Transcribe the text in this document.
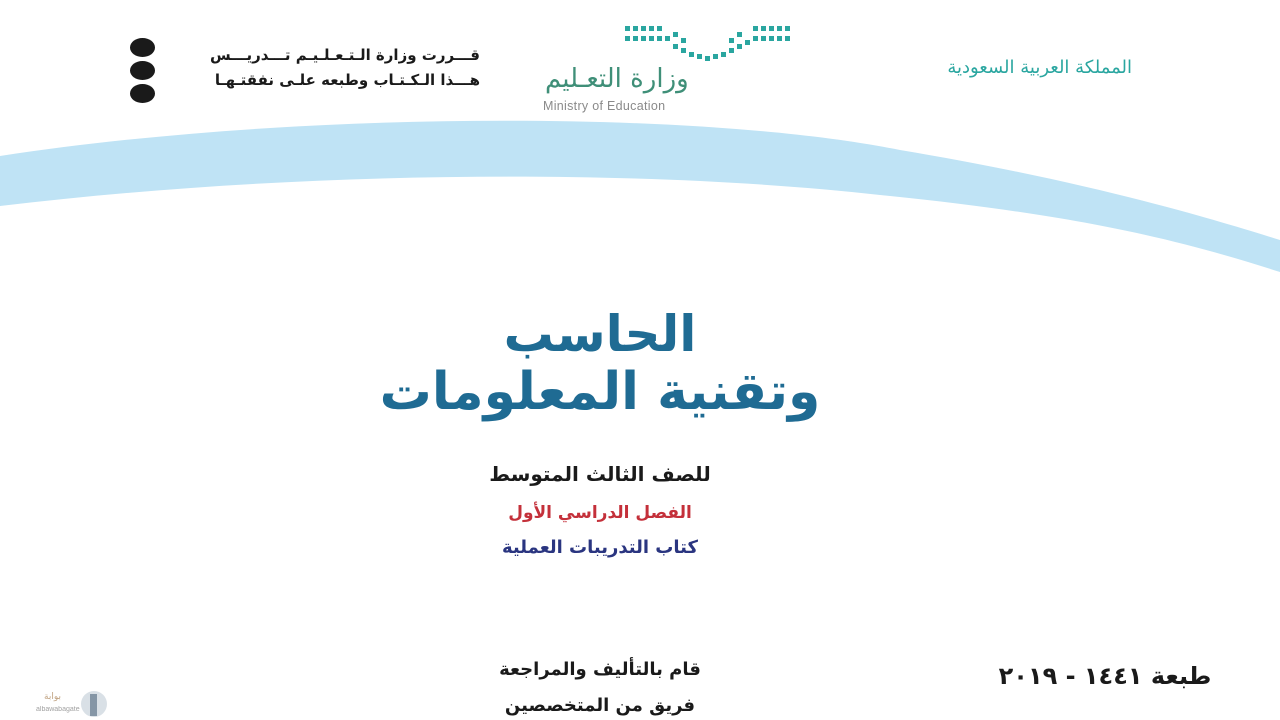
قـــررت وزارة الـتـعـلـيـم تـــدريـــس
هـــذا الـكـتـاب وطبعه علـى نفقتـهـا	وزارة التعـليم
Ministry of Education
المملكة العربية السعودية
الحاسب
وتقنية المعلومات
للصف الثالث المتوسط
الفصل الدراسي الأول
كتاب التدريبات العملية
قام بالتأليف والمراجعة
فريق من المتخصصين
طبعة ١٤٤١ - ٢٠١٩
بوابة
albawabagate
